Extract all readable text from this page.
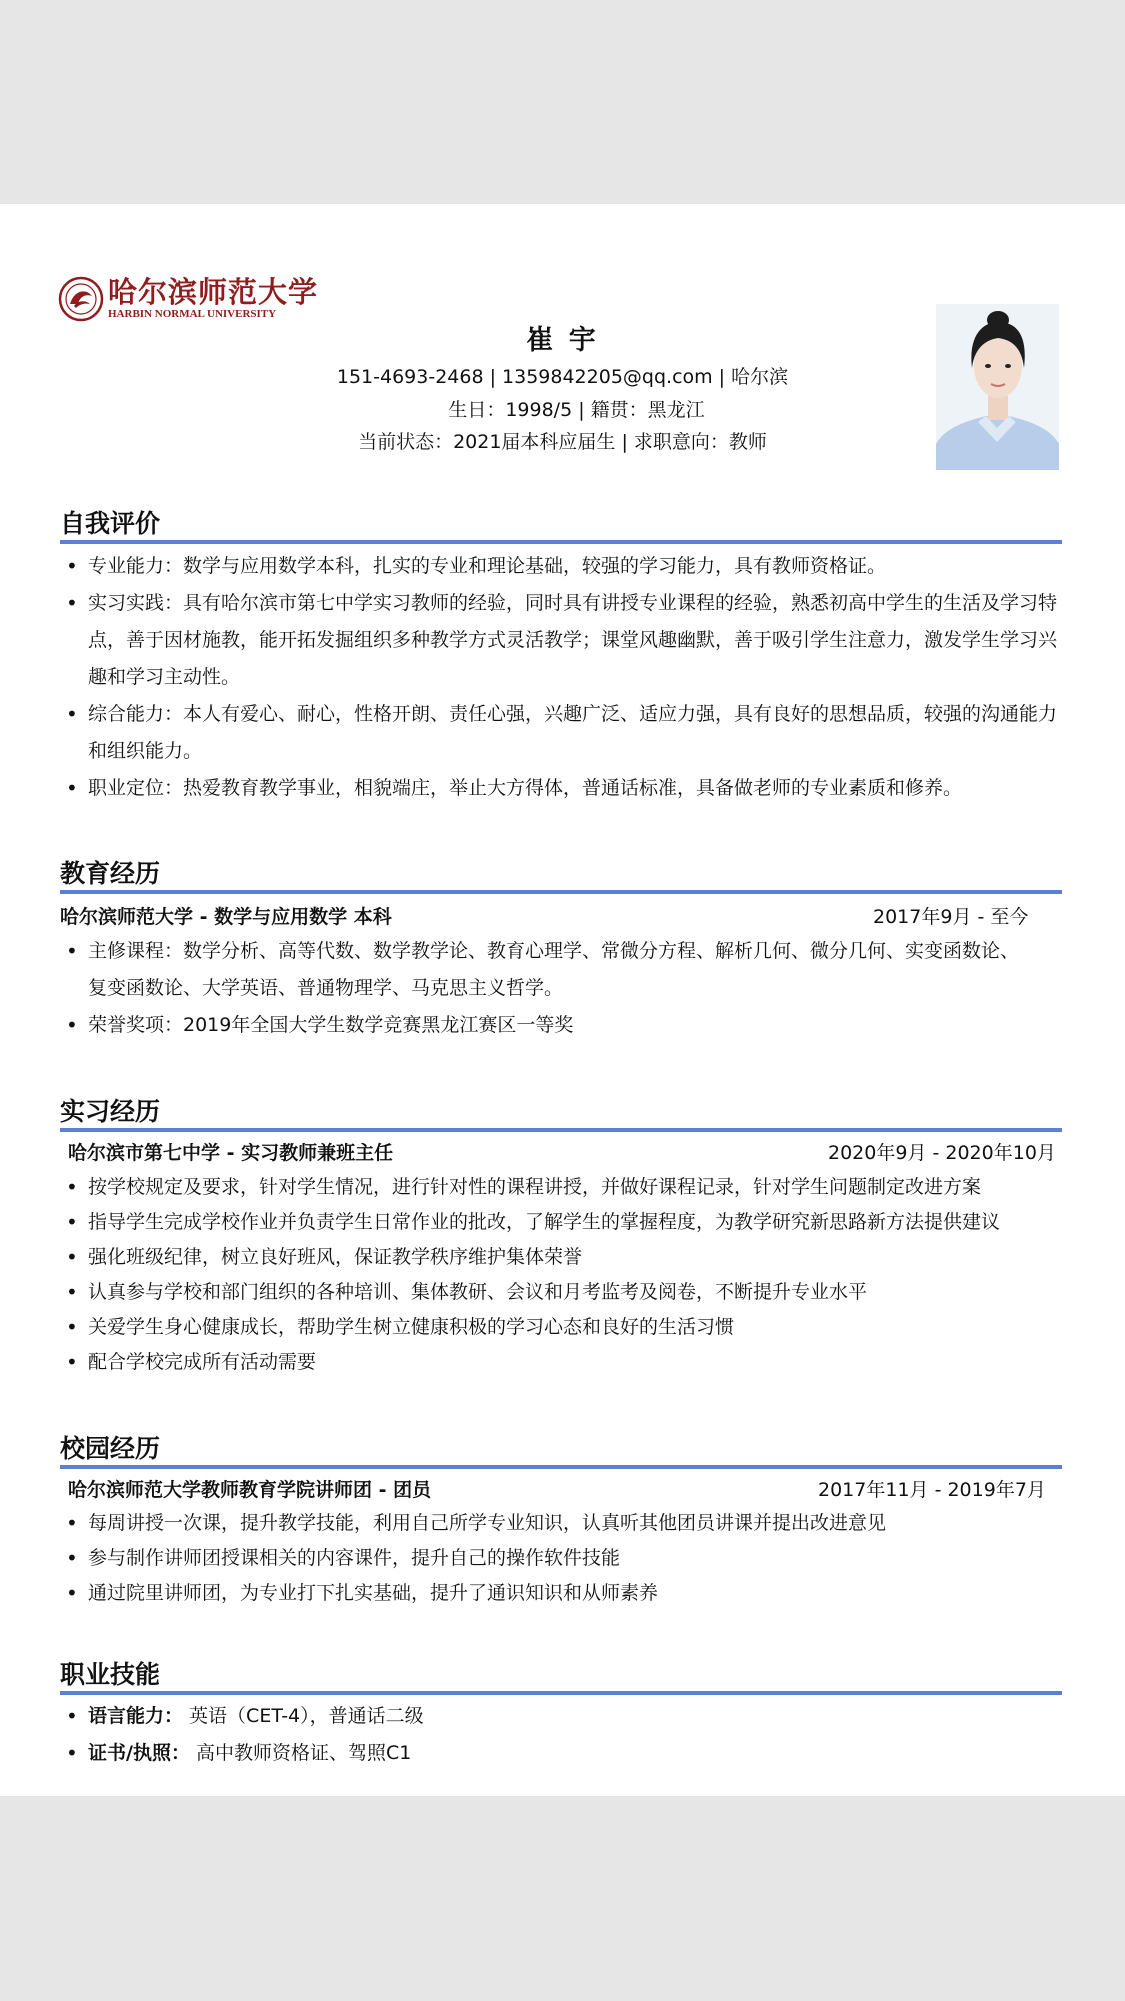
哈尔滨师范大学
HARBIN NORMAL UNIVERSITY
崔 宇
151-4693-2468 | 1359842205@qq.com | 哈尔滨
生日：1998/5 | 籍贯：黑龙江
当前状态：2021届本科应届生 | 求职意向：教师
自我评价
• 专业能力：数学与应用数学本科，扎实的专业和理论基础，较强的学习能力，具有教师资格证。
• 实习实践：具有哈尔滨市第七中学实习教师的经验，同时具有讲授专业课程的经验，熟悉初高中学生的生活及学习特点，善于因材施教，能开拓发掘组织多种教学方式灵活教学；课堂风趣幽默，善于吸引学生注意力，激发学生学习兴趣和学习主动性。
• 综合能力：本人有爱心、耐心，性格开朗、责任心强，兴趣广泛、适应力强，具有良好的思想品质，较强的沟通能力和组织能力。
• 职业定位：热爱教育教学事业，相貌端庄，举止大方得体，普通话标准，具备做老师的专业素质和修养。
教育经历
哈尔滨师范大学 - 数学与应用数学 本科	2017年9月 - 至今
• 主修课程：数学分析、高等代数、数学教学论、教育心理学、常微分方程、解析几何、微分几何、实变函数论、复变函数论、大学英语、普通物理学、马克思主义哲学。
• 荣誉奖项：2019年全国大学生数学竞赛黑龙江赛区一等奖
实习经历
哈尔滨市第七中学 - 实习教师兼班主任	2020年9月 - 2020年10月
• 按学校规定及要求，针对学生情况，进行针对性的课程讲授，并做好课程记录，针对学生问题制定改进方案
• 指导学生完成学校作业并负责学生日常作业的批改，了解学生的掌握程度，为教学研究新思路新方法提供建议
• 强化班级纪律，树立良好班风，保证教学秩序维护集体荣誉
• 认真参与学校和部门组织的各种培训、集体教研、会议和月考监考及阅卷，不断提升专业水平
• 关爱学生身心健康成长，帮助学生树立健康积极的学习心态和良好的生活习惯
• 配合学校完成所有活动需要
校园经历
哈尔滨师范大学教师教育学院讲师团 - 团员	2017年11月 - 2019年7月
• 每周讲授一次课，提升教学技能，利用自己所学专业知识，认真听其他团员讲课并提出改进意见
• 参与制作讲师团授课相关的内容课件，提升自己的操作软件技能
• 通过院里讲师团，为专业打下扎实基础，提升了通识知识和从师素养
职业技能
• 语言能力： 英语（CET-4），普通话二级
• 证书/执照： 高中教师资格证、驾照C1
